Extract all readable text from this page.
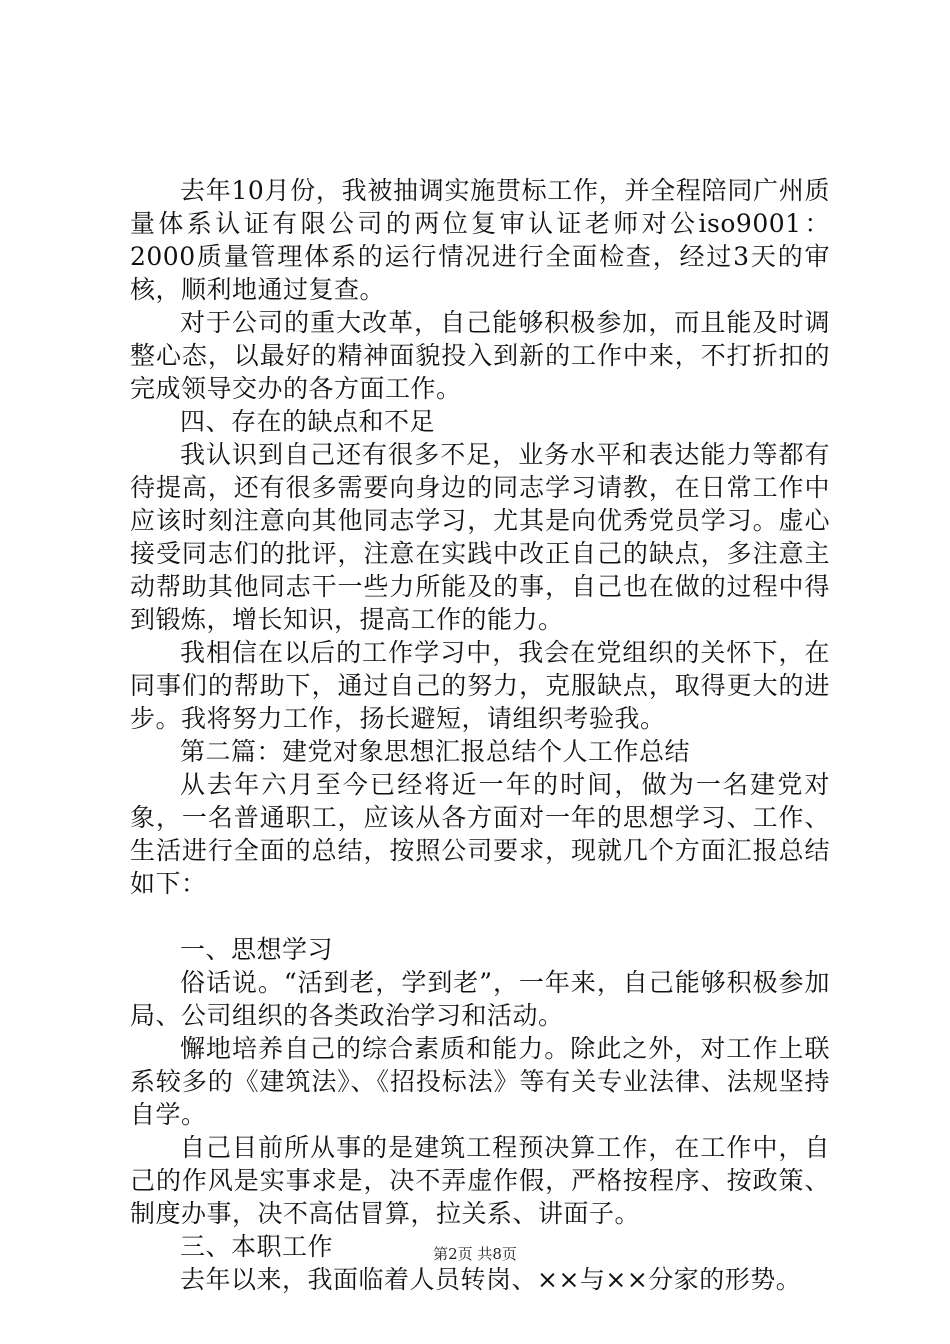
去年10月份，我被抽调实施贯标工作，并全程陪同广州质量体系认证有限公司的两位复审认证老师对公iso9001：2000质量管理体系的运行情况进行全面检查，经过3天的审核，顺利地通过复查。

对于公司的重大改革，自己能够积极参加，而且能及时调整心态，以最好的精神面貌投入到新的工作中来，不打折扣的完成领导交办的各方面工作。

四、存在的缺点和不足

我认识到自己还有很多不足，业务水平和表达能力等都有待提高，还有很多需要向身边的同志学习请教，在日常工作中应该时刻注意向其他同志学习，尤其是向优秀党员学习。虚心接受同志们的批评，注意在实践中改正自己的缺点，多注意主动帮助其他同志干一些力所能及的事，自己也在做的过程中得到锻炼，增长知识，提高工作的能力。

我相信在以后的工作学习中，我会在党组织的关怀下，在同事们的帮助下，通过自己的努力，克服缺点，取得更大的进步。我将努力工作，扬长避短，请组织考验我。

第二篇：建党对象思想汇报总结个人工作总结

从去年六月至今已经将近一年的时间，做为一名建党对象，一名普通职工，应该从各方面对一年的思想学习、工作、生活进行全面的总结，按照公司要求，现就几个方面汇报总结如下：

一、思想学习

俗话说。“活到老，学到老”，一年来，自己能够积极参加局、公司组织的各类政治学习和活动。

懈地培养自己的综合素质和能力。除此之外，对工作上联系较多的《建筑法》、《招投标法》等有关专业法律、法规坚持自学。

自己目前所从事的是建筑工程预决算工作，在工作中，自己的作风是实事求是，决不弄虚作假，严格按程序、按政策、制度办事，决不高估冒算，拉关系、讲面子。

三、本职工作

去年以来，我面临着人员转岗、××与××分家的形势。

第2页 共8页
